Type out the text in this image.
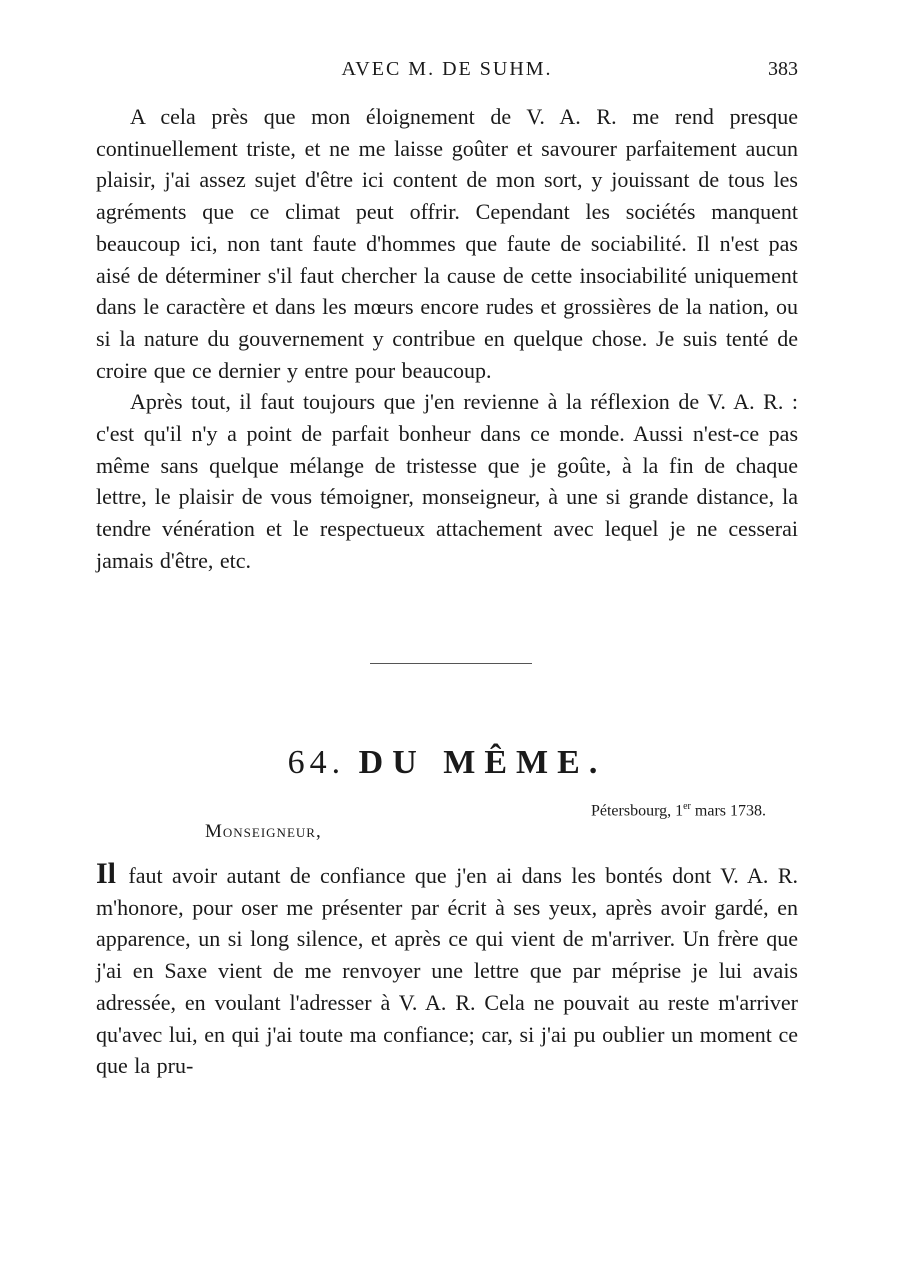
AVEC M. DE SUHM.	383

A cela près que mon éloignement de V. A. R. me rend presque continuellement triste, et ne me laisse goûter et savourer parfaitement aucun plaisir, j'ai assez sujet d'être ici content de mon sort, y jouissant de tous les agréments que ce climat peut offrir. Cependant les sociétés manquent beaucoup ici, non tant faute d'hommes que faute de sociabilité. Il n'est pas aisé de déterminer s'il faut chercher la cause de cette insociabilité uniquement dans le caractère et dans les mœurs encore rudes et grossières de la nation, ou si la nature du gouvernement y contribue en quelque chose. Je suis tenté de croire que ce dernier y entre pour beaucoup.

Après tout, il faut toujours que j'en revienne à la réflexion de V. A. R. : c'est qu'il n'y a point de parfait bonheur dans ce monde. Aussi n'est-ce pas même sans quelque mélange de tristesse que je goûte, à la fin de chaque lettre, le plaisir de vous témoigner, monseigneur, à une si grande distance, la tendre vénération et le respectueux attachement avec lequel je ne cesserai jamais d'être, etc.

64. DU MÊME.
Pétersbourg, 1er mars 1738.
Monseigneur,

Il faut avoir autant de confiance que j'en ai dans les bontés dont V. A. R. m'honore, pour oser me présenter par écrit à ses yeux, après avoir gardé, en apparence, un si long silence, et après ce qui vient de m'arriver. Un frère que j'ai en Saxe vient de me renvoyer une lettre que par méprise je lui avais adressée, en voulant l'adresser à V. A. R. Cela ne pouvait au reste m'arriver qu'avec lui, en qui j'ai toute ma confiance; car, si j'ai pu oublier un moment ce que la pru-
